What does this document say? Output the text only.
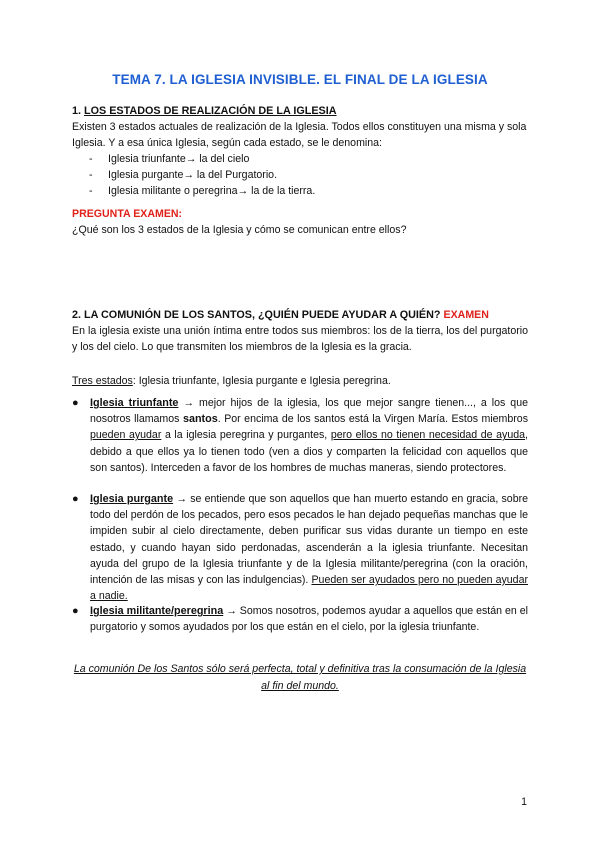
TEMA 7. LA IGLESIA INVISIBLE. EL FINAL DE LA IGLESIA
1. LOS ESTADOS DE REALIZACIÓN DE LA IGLESIA
Existen 3 estados actuales de realización de la Iglesia. Todos ellos constituyen una misma y sola Iglesia. Y a esa única Iglesia, según cada estado, se le denomina:
- Iglesia triunfante→ la del cielo
- Iglesia purgante→ la del Purgatorio.
- Iglesia militante o peregrina→ la de la tierra.
PREGUNTA EXAMEN:
¿Qué son los 3 estados de la Iglesia y cómo se comunican entre ellos?
2. LA COMUNIÓN DE LOS SANTOS, ¿QUIÉN PUEDE AYUDAR A QUIÉN? EXAMEN
En la iglesia existe una unión íntima entre todos sus miembros: los de la tierra, los del purgatorio y los del cielo. Lo que transmiten los miembros de la Iglesia es la gracia.
Tres estados: Iglesia triunfante, Iglesia purgante e Iglesia peregrina.
● Iglesia triunfante → mejor hijos de la iglesia, los que mejor sangre tienen..., a los que nosotros llamamos santos. Por encima de los santos está la Virgen María. Estos miembros pueden ayudar a la iglesia peregrina y purgantes, pero ellos no tienen necesidad de ayuda, debido a que ellos ya lo tienen todo (ven a dios y comparten la felicidad con aquellos que son santos). Interceden a favor de los hombres de muchas maneras, siendo protectores.
● Iglesia purgante → se entiende que son aquellos que han muerto estando en gracia, sobre todo del perdón de los pecados, pero esos pecados le han dejado pequeñas manchas que le impiden subir al cielo directamente, deben purificar sus vidas durante un tiempo en este estado, y cuando hayan sido perdonadas, ascenderán a la iglesia triunfante. Necesitan ayuda del grupo de la Iglesia triunfante y de la Iglesia militante/peregrina (con la oración, intención de las misas y con las indulgencias). Pueden ser ayudados pero no pueden ayudar a nadie.
● Iglesia militante/peregrina → Somos nosotros, podemos ayudar a aquellos que están en el purgatorio y somos ayudados por los que están en el cielo, por la iglesia triunfante.
La comunión De los Santos sólo será perfecta, total y definitiva tras la consumación de la Iglesia al fin del mundo.
1
